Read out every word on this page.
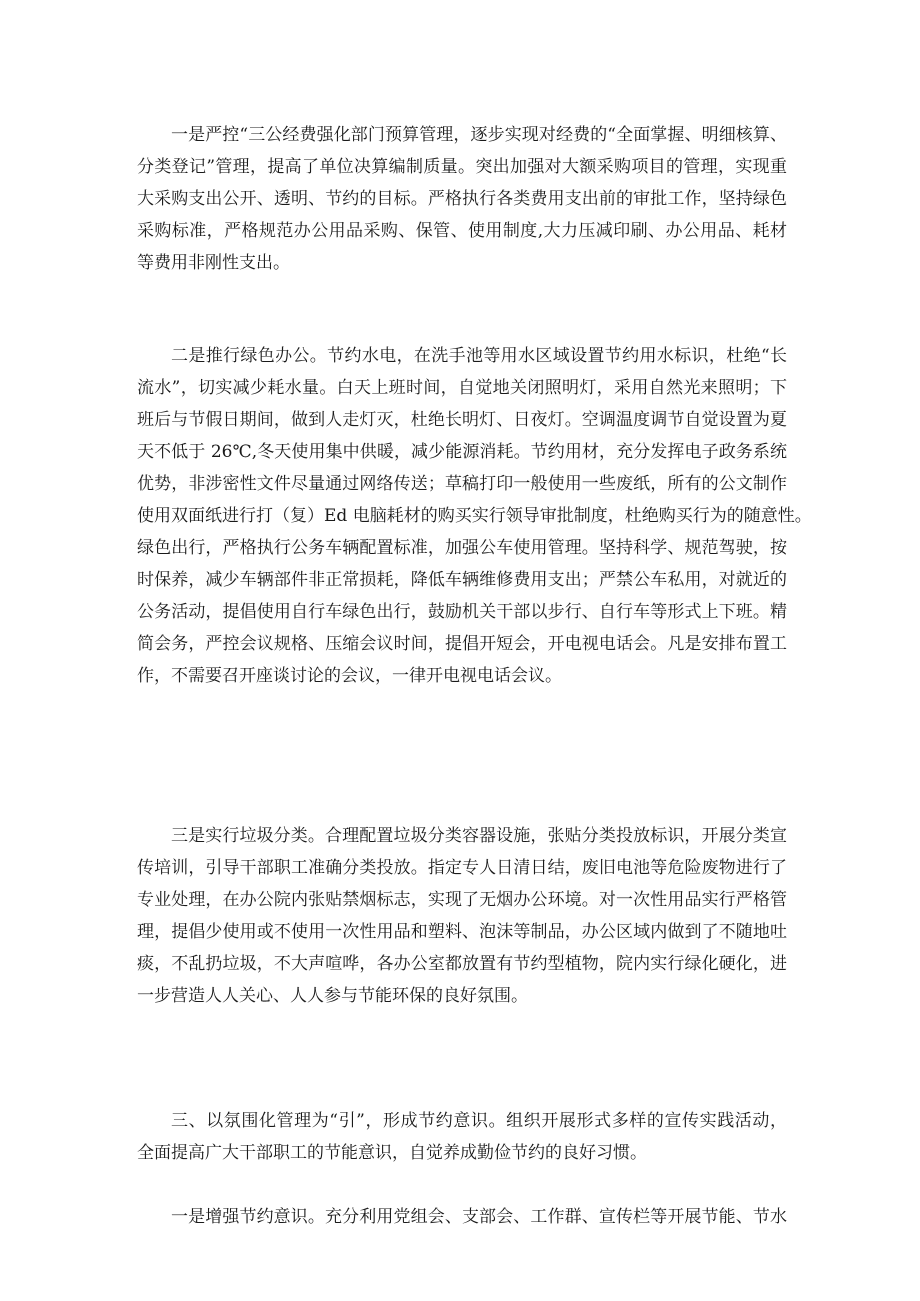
一是严控“三公经费强化部门预算管理，逐步实现对经费的“全面掌握、明细核算、
分类登记”管理，提高了单位决算编制质量。突出加强对大额采购项目的管理，实现重
大采购支出公开、透明、节约的目标。严格执行各类费用支出前的审批工作，坚持绿色
采购标准，严格规范办公用品采购、保管、使用制度,大力压减印刷、办公用品、耗材
等费用非刚性支出。
二是推行绿色办公。节约水电，在洗手池等用水区域设置节约用水标识，杜绝“长
流水”，切实减少耗水量。白天上班时间，自觉地关闭照明灯，采用自然光来照明；下
班后与节假日期间，做到人走灯灭，杜绝长明灯、日夜灯。空调温度调节自觉设置为夏
天不低于 26℃,冬天使用集中供暖，减少能源消耗。节约用材，充分发挥电子政务系统
优势，非涉密性文件尽量通过网络传送；草稿打印一般使用一些废纸，所有的公文制作
使用双面纸进行打（复）Ed 电脑耗材的购买实行领导审批制度，杜绝购买行为的随意性。
绿色出行，严格执行公务车辆配置标准，加强公车使用管理。坚持科学、规范驾驶，按
时保养，减少车辆部件非正常损耗，降低车辆维修费用支出；严禁公车私用，对就近的
公务活动，提倡使用自行车绿色出行，鼓励机关干部以步行、自行车等形式上下班。精
简会务，严控会议规格、压缩会议时间，提倡开短会，开电视电话会。凡是安排布置工
作，不需要召开座谈讨论的会议，一律开电视电话会议。
三是实行垃圾分类。合理配置垃圾分类容器设施，张贴分类投放标识，开展分类宣
传培训，引导干部职工准确分类投放。指定专人日清日结，废旧电池等危险废物进行了
专业处理，在办公院内张贴禁烟标志，实现了无烟办公环境。对一次性用品实行严格管
理，提倡少使用或不使用一次性用品和塑料、泡沫等制品，办公区域内做到了不随地吐
痰，不乱扔垃圾，不大声喧哗，各办公室都放置有节约型植物，院内实行绿化硬化，进
一步营造人人关心、人人参与节能环保的良好氛围。
三、以氛围化管理为“引”，形成节约意识。组织开展形式多样的宣传实践活动，
全面提高广大干部职工的节能意识，自觉养成勤俭节约的良好习惯。
一是增强节约意识。充分利用党组会、支部会、工作群、宣传栏等开展节能、节水
